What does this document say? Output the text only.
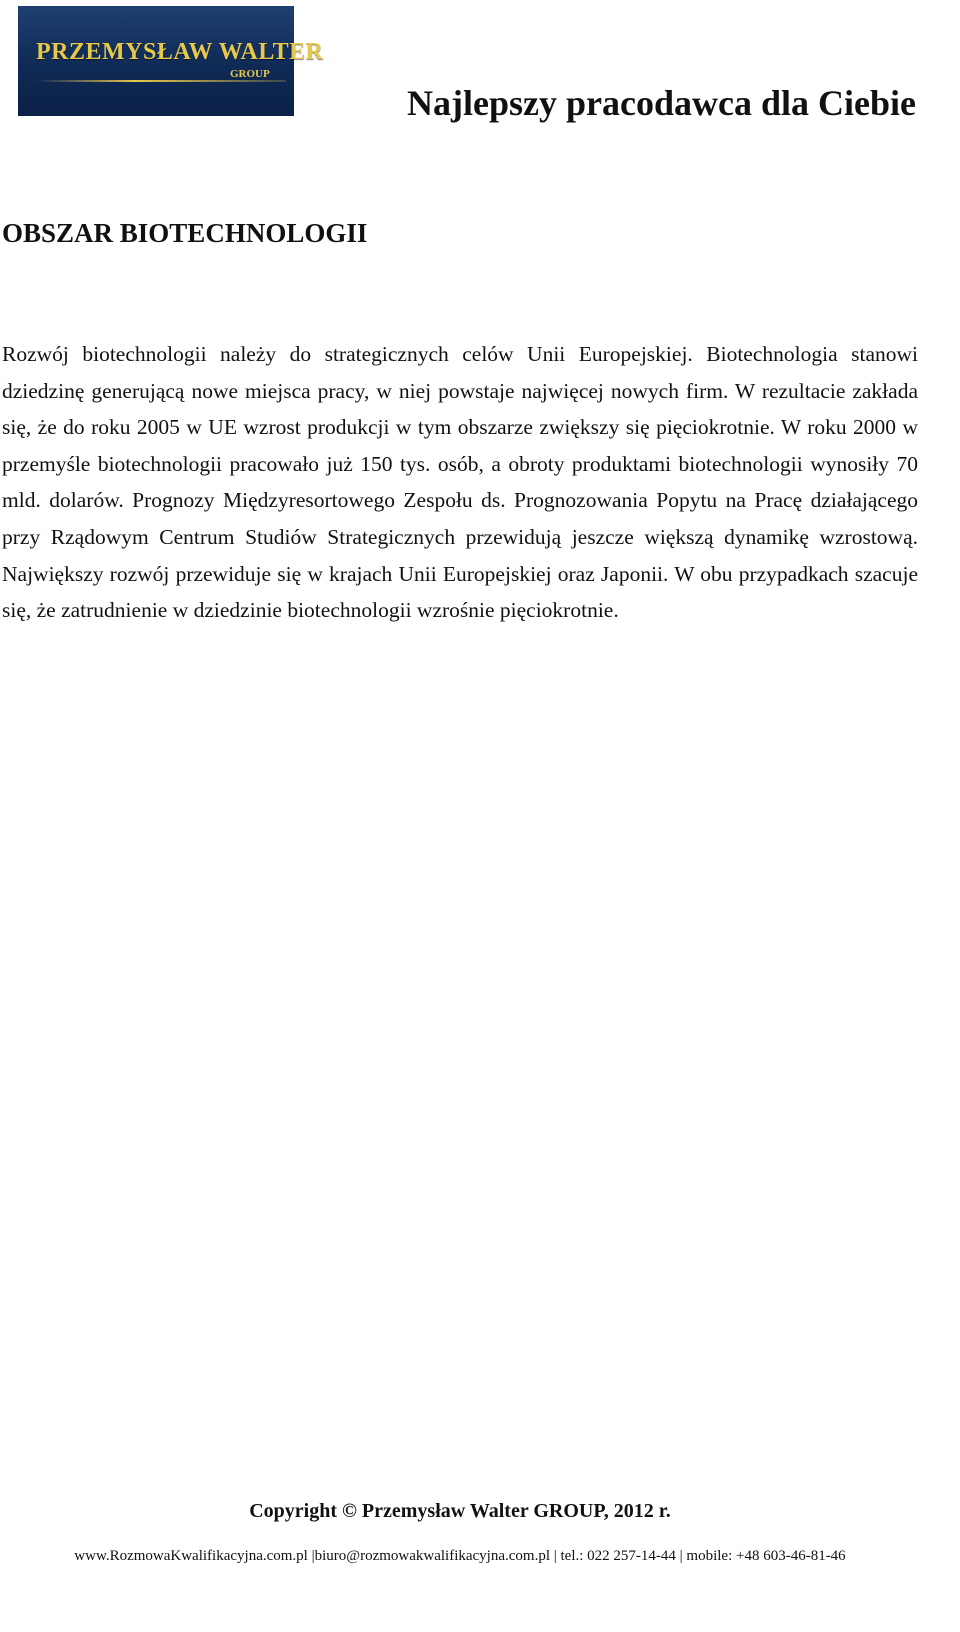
PRZEMYSŁAW WALTER
GROUP
Najlepszy pracodawca dla Ciebie
OBSZAR BIOTECHNOLOGII

Rozwój biotechnologii należy do strategicznych celów Unii Europejskiej. Biotechnologia stanowi dziedzinę generującą nowe miejsca pracy, w niej powstaje najwięcej nowych firm. W rezultacie zakłada się, że do roku 2005 w UE wzrost produkcji w tym obszarze zwiększy się pięciokrotnie. W roku 2000 w przemyśle biotechnologii pracowało już 150 tys. osób, a obroty produktami biotechnologii wynosiły 70 mld. dolarów. Prognozy Międzyresortowego Zespołu ds. Prognozowania Popytu na Pracę działającego przy Rządowym Centrum Studiów Strategicznych przewidują jeszcze większą dynamikę wzrostową. Największy rozwój przewiduje się w krajach Unii Europejskiej oraz Japonii. W obu przypadkach szacuje się, że zatrudnienie w dziedzinie biotechnologii wzrośnie pięciokrotnie.

Copyright © Przemysław Walter GROUP, 2012 r.
www.RozmowaKwalifikacyjna.com.pl |biuro@rozmowakwalifikacyjna.com.pl | tel.: 022 257-14-44 | mobile: +48 603-46-81-46
